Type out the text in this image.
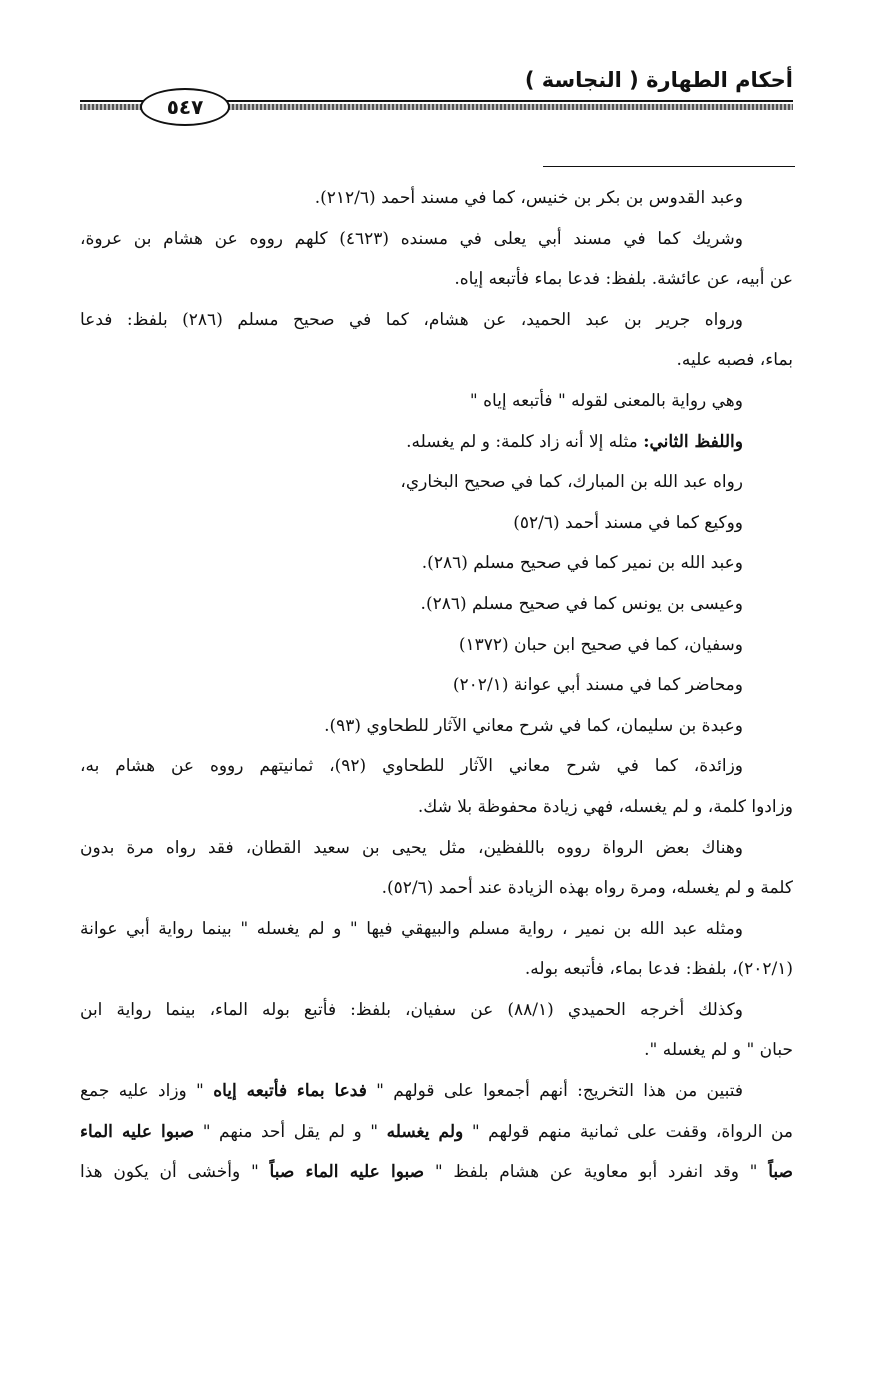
أحكام الطهارة ( النجاسة )
٥٤٧
وعبد القدوس بن بكر بن خنيس، كما في مسند أحمد (٢١٢/٦).
وشريك كما في مسند أبي يعلى في مسنده (٤٦٢٣) كلهم رووه عن هشام بن عروة،
عن أبيه، عن عائشة. بلفظ: فدعا بماء فأتبعه إياه.
ورواه جرير بن عبد الحميد، عن هشام، كما في صحيح مسلم (٢٨٦) بلفظ: فدعا
بماء، فصبه عليه.
وهي رواية بالمعنى لقوله " فأتبعه إياه "
واللفظ الثاني: مثله إلا أنه زاد كلمة: و لم يغسله.
رواه عبد الله بن المبارك، كما في صحيح البخاري،
ووكيع كما في مسند أحمد (٥٢/٦)
وعبد الله بن نمير كما في صحيح مسلم (٢٨٦).
وعيسى بن يونس كما في صحيح مسلم (٢٨٦).
وسفيان، كما في صحيح ابن حبان (١٣٧٢)
ومحاضر كما في مسند أبي عوانة (٢٠٢/١)
وعبدة بن سليمان، كما في شرح معاني الآثار للطحاوي (٩٣).
وزائدة، كما في شرح معاني الآثار للطحاوي (٩٢)، ثمانيتهم رووه عن هشام به،
وزادوا كلمة، و لم يغسله، فهي زيادة محفوظة بلا شك.
وهناك بعض الرواة رووه باللفظين، مثل يحيى بن سعيد القطان، فقد رواه مرة بدون
كلمة و لم يغسله، ومرة رواه بهذه الزيادة عند أحمد (٥٢/٦).
ومثله عبد الله بن نمير ، رواية مسلم والبيهقي فيها " و لم يغسله " بينما رواية أبي عوانة
(٢٠٢/١)، بلفظ: فدعا بماء، فأتبعه بوله.
وكذلك أخرجه الحميدي (٨٨/١) عن سفيان، بلفظ: فأتبع بوله الماء، بينما رواية ابن
حبان " و لم يغسله ".
فتبين من هذا التخريج: أنهم أجمعوا على قولهم " فدعا بماء فأتبعه إياه " وزاد عليه جمع
من الرواة، وقفت على ثمانية منهم قولهم " ولم يغسله " و لم يقل أحد منهم " صبوا عليه الماء
صباً " وقد انفرد أبو معاوية عن هشام بلفظ " صبوا عليه الماء صباً " وأخشى أن يكون هذا
